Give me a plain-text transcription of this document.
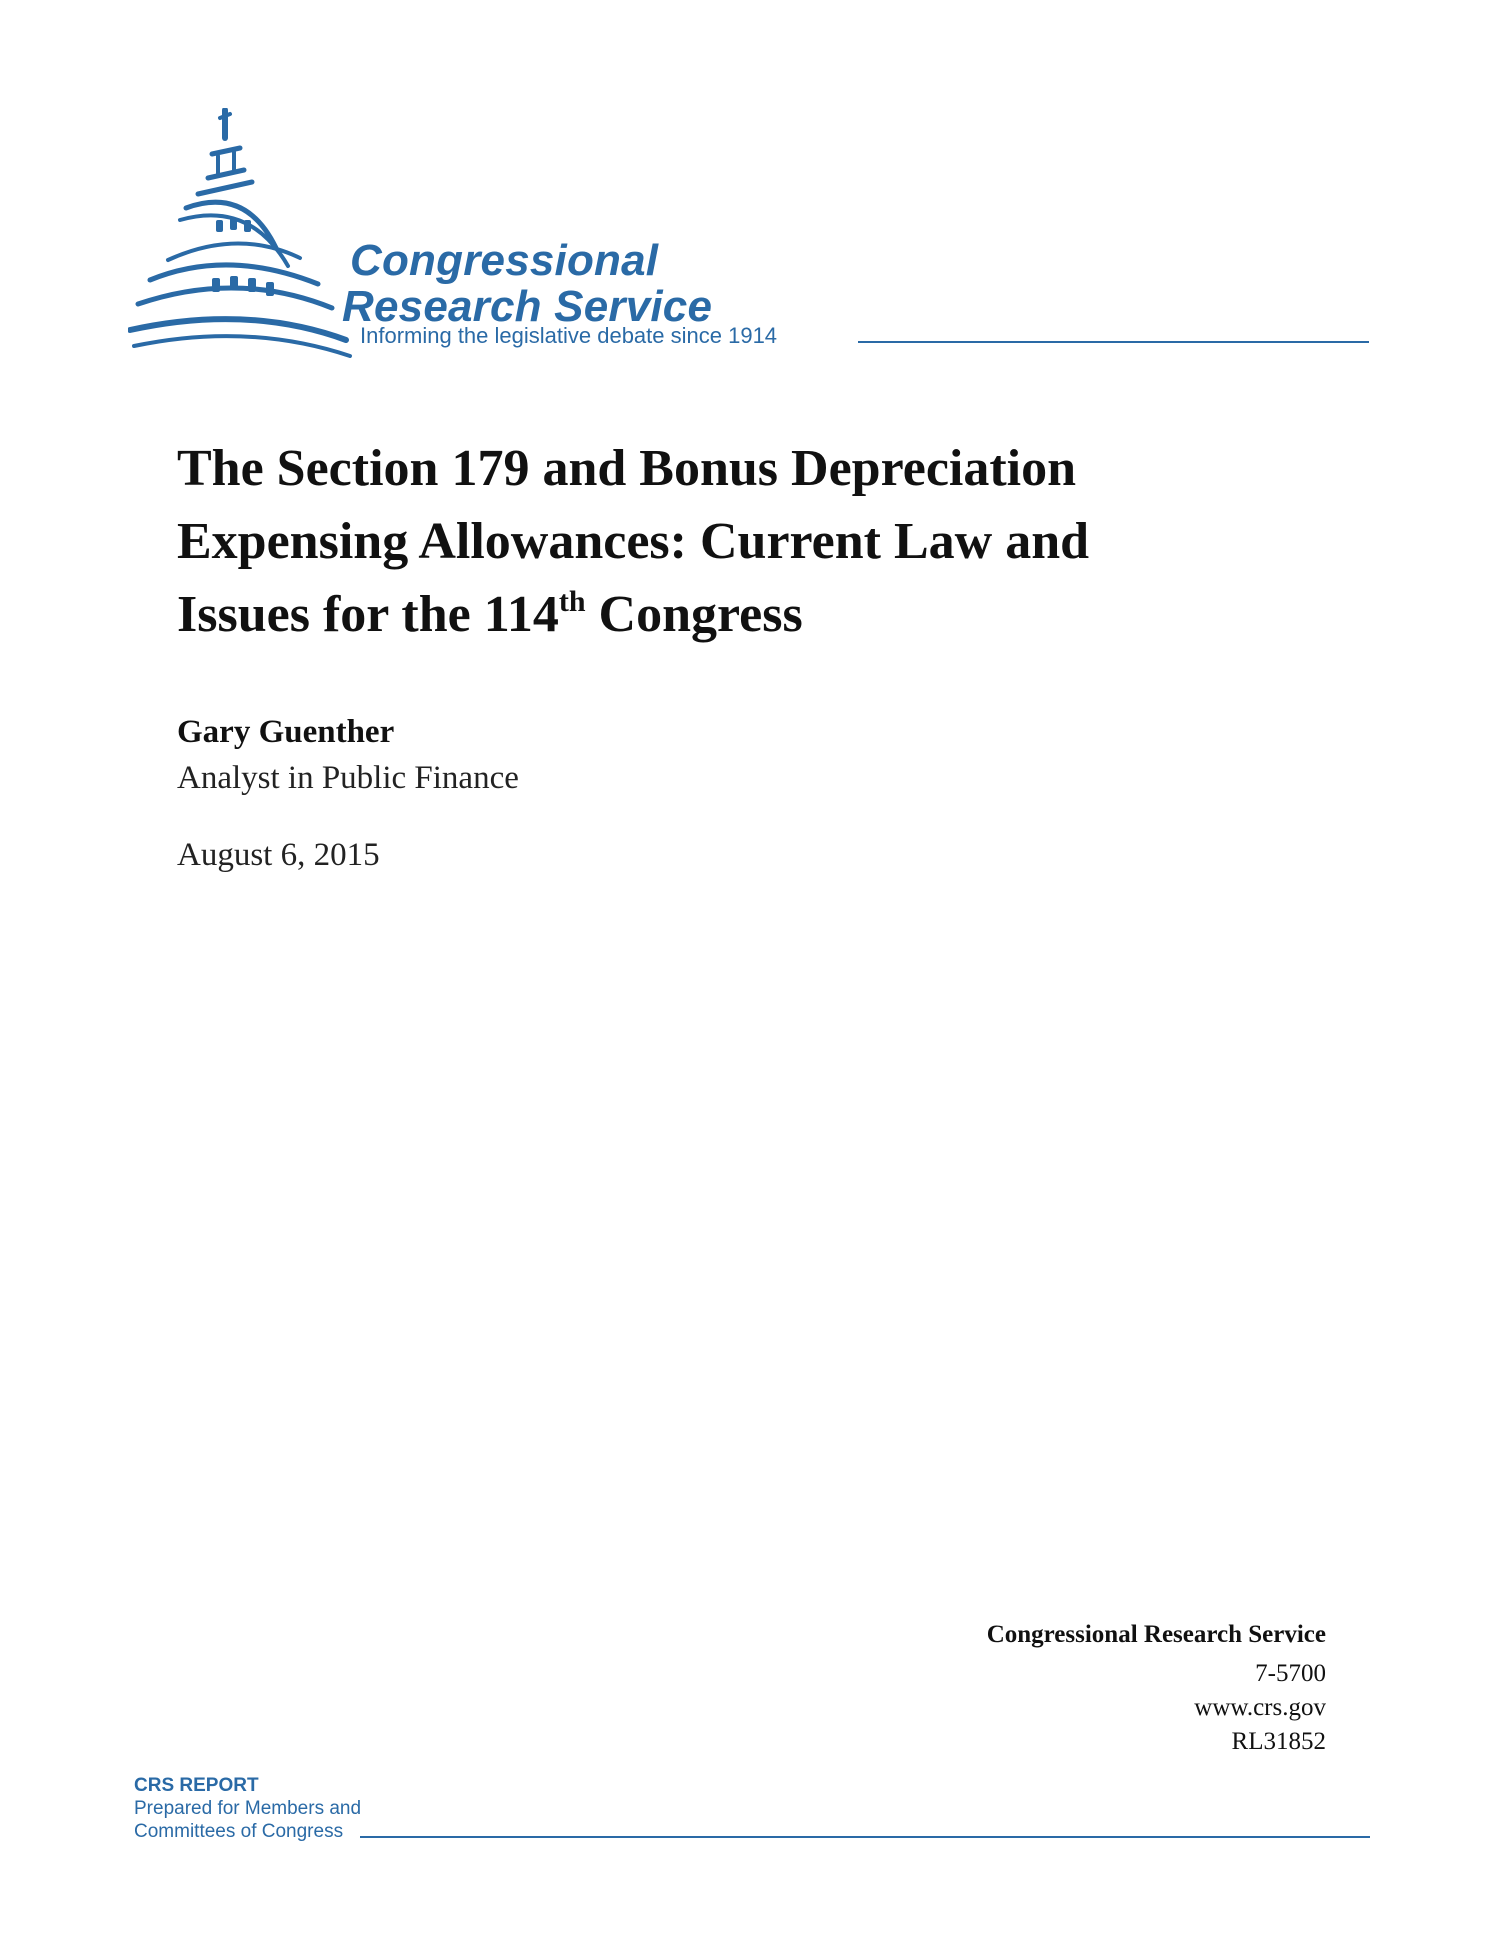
Congressional
Research Service
Informing the legislative debate since 1914
The Section 179 and Bonus Depreciation
Expensing Allowances: Current Law and
Issues for the 114th Congress
Gary Guenther
Analyst in Public Finance
August 6, 2015
Congressional Research Service
7-5700
www.crs.gov
RL31852
CRS REPORT
Prepared for Members and
Committees of Congress
